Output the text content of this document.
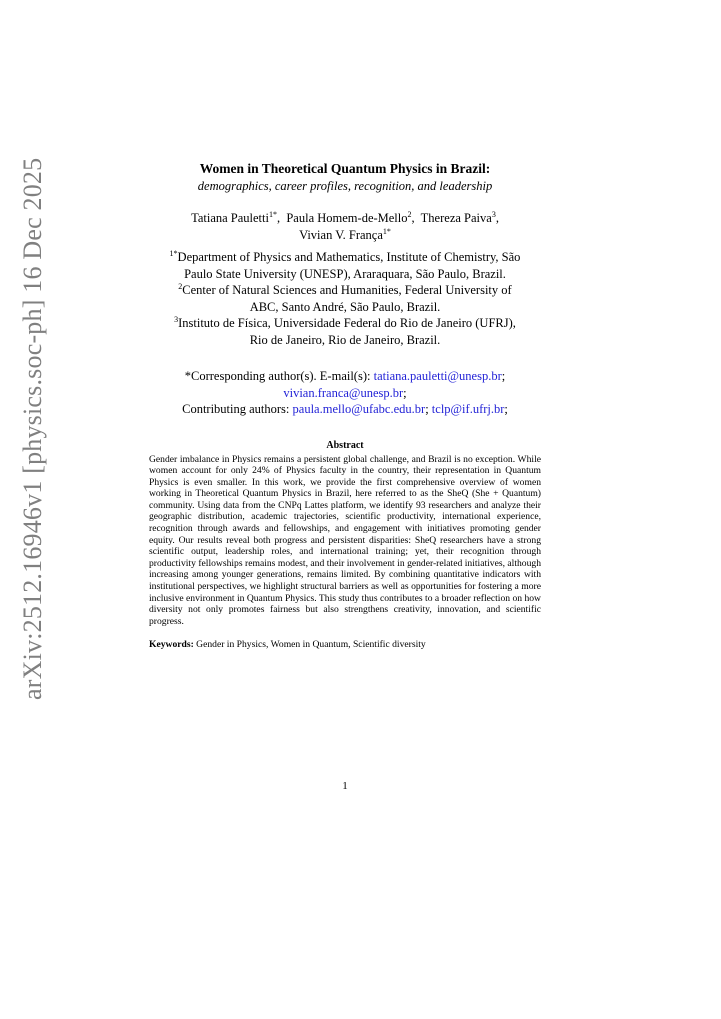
arXiv:2512.16946v1 [physics.soc-ph] 16 Dec 2025	Women in Theoretical Quantum Physics in Brazil:

demographics, career profiles, recognition, and leadership

Tatiana Pauletti$^{1*}$,  Paula Homem-de-Mello$^2$,  Thereza Paiva$^3$,
Vivian V. França$^{1*}$

$^{1*}$Department of Physics and Mathematics, Institute of Chemistry, São
Paulo State University (UNESP), Araraquara, São Paulo, Brazil.

$^2$Center of Natural Sciences and Humanities, Federal University of
ABC, Santo André, São Paulo, Brazil.

$^3$Instituto de Física, Universidade Federal do Rio de Janeiro (UFRJ),
Rio de Janeiro, Rio de Janeiro, Brazil.

*Corresponding author(s). E-mail(s): tatiana.pauletti@unesp.br;
vivian.franca@unesp.br;

Contributing authors: paula.mello@ufabc.edu.br; tclp@if.ufrj.br;

Abstract

Gender imbalance in Physics remains a persistent global challenge, and Brazil is no exception. While women account for only 24% of Physics faculty in the country, their representation in Quantum Physics is even smaller. In this work, we provide the first comprehensive overview of women working in Theoretical Quantum Physics in Brazil, here referred to as the SheQ (She + Quantum) community. Using data from the CNPq Lattes platform, we identify 93 researchers and analyze their geographic distribution, academic trajectories, scientific productivity, international experience, recognition through awards and fellowships, and engagement with initiatives promoting gender equity. Our results reveal both progress and persistent disparities: SheQ researchers have a strong scientific output, leadership roles, and international training; yet, their recognition through productivity fellowships remains modest, and their involvement in gender-related initiatives, although increasing among younger generations, remains limited. By combining quantitative indicators with institutional perspectives, we highlight structural barriers as well as opportunities for fostering a more inclusive environment in Quantum Physics. This study thus contributes to a broader reflection on how diversity not only promotes fairness but also strengthens creativity, innovation, and scientific progress.

Keywords: Gender in Physics, Women in Quantum, Scientific diversity

1
